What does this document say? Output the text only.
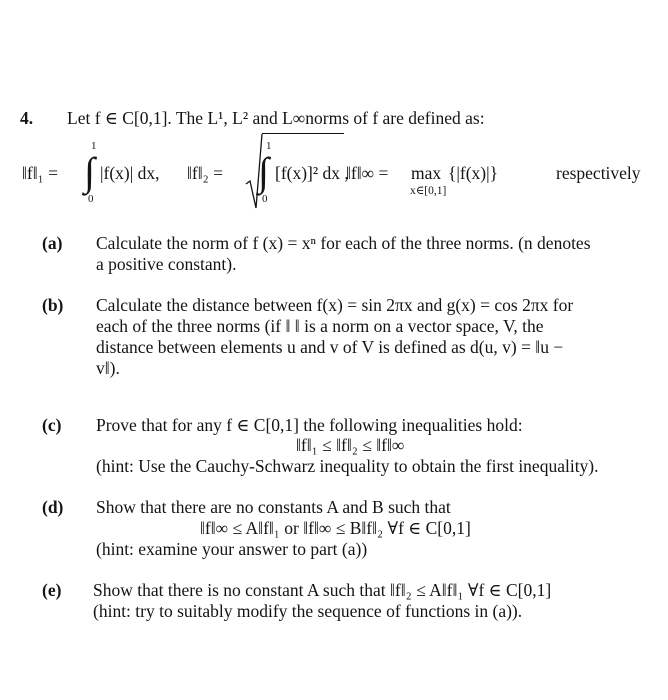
4. Let f ∈ C[0,1]. The L¹, L² and L∞norms of f are defined as:
‖f‖₁ =
1
∫
0
|f(x)| dx, ‖f‖₂ =
1
∫
0
[f(x)]² dx ,
‖f‖∞ = max
x∈[0,1]
{|f(x)|}	respectively
(a) Calculate the norm of f (x) = xⁿ for each of the three norms. (n denotes
a positive constant).
(b) Calculate the distance between f(x) = sin 2πx and g(x) = cos 2πx for
each of the three norms (if ‖ ‖ is a norm on a vector space, V, the
distance between elements u and v of V is defined as d(u, v) = ‖u −
v‖).
(c) Prove that for any f ∈ C[0,1] the following inequalities hold:
‖f‖₁ ≤ ‖f‖₂ ≤ ‖f‖∞
(hint: Use the Cauchy-Schwarz inequality to obtain the first inequality).
(d) Show that there are no constants A and B such that
‖f‖∞ ≤ A‖f‖₁ or ‖f‖∞ ≤ B‖f‖₂ ∀f ∈ C[0,1]
(hint: examine your answer to part (a))
(e) Show that there is no constant A such that ‖f‖₂ ≤ A‖f‖₁ ∀f ∈ C[0,1]
(hint: try to suitably modify the sequence of functions in (a)).
